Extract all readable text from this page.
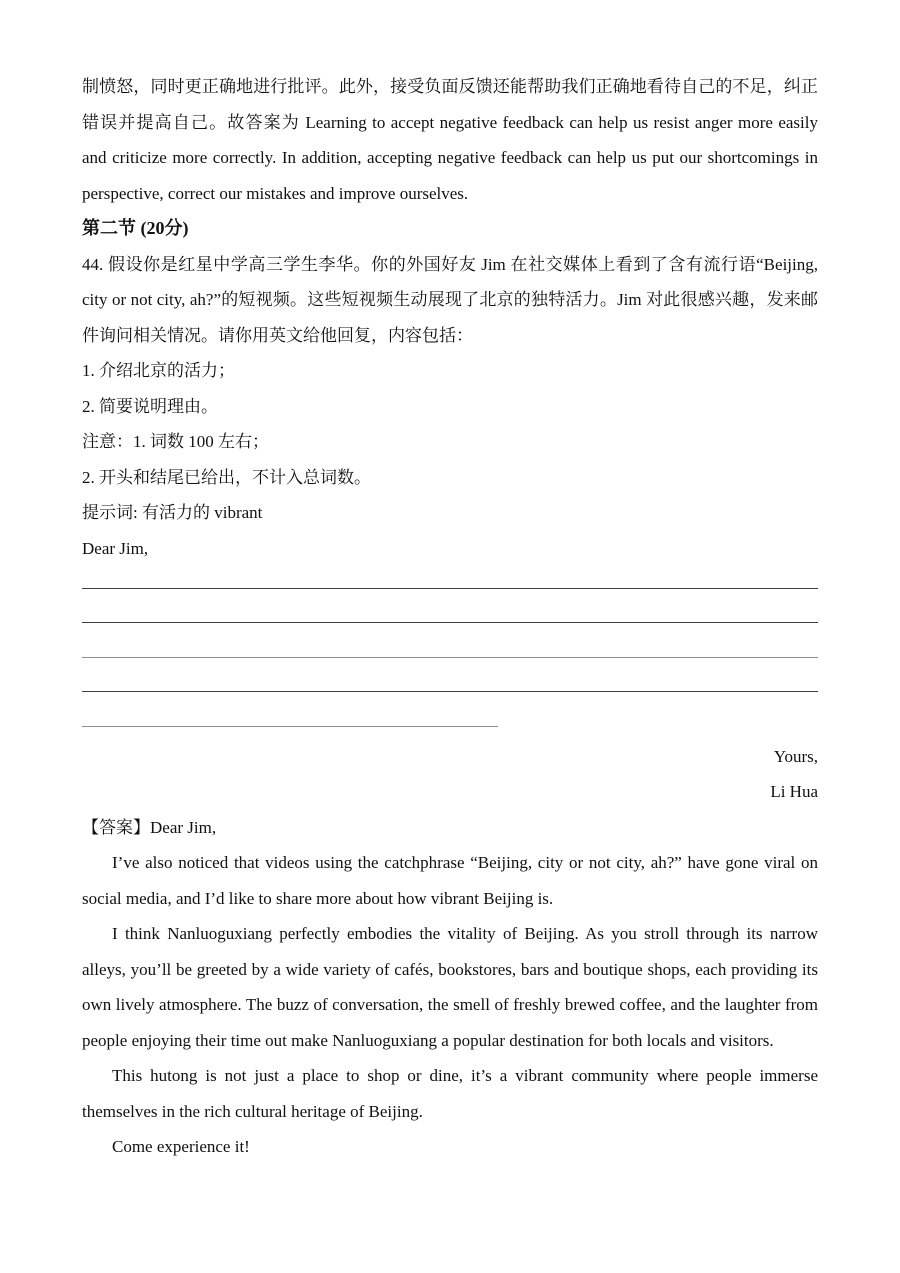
制愤怒，同时更正确地进行批评。此外，接受负面反馈还能帮助我们正确地看待自己的不足，纠正错误并提高自己。故答案为 Learning to accept negative feedback can help us resist anger more easily and criticize more correctly. In addition, accepting negative feedback can help us put our shortcomings in perspective, correct our mistakes and improve ourselves.

第二节 (20分)

44. 假设你是红星中学高三学生李华。你的外国好友 Jim 在社交媒体上看到了含有流行语“Beijing, city or not city, ah?”的短视频。这些短视频生动展现了北京的独特活力。Jim 对此很感兴趣，发来邮件询问相关情况。请你用英文给他回复，内容包括：

1. 介绍北京的活力；

2. 简要说明理由。

注意：1. 词数 100 左右；

2. 开头和结尾已给出，不计入总词数。

提示词: 有活力的 vibrant

Dear Jim,

Yours,

Li Hua

【答案】Dear Jim,

I’ve also noticed that videos using the catchphrase “Beijing, city or not city, ah?” have gone viral on social media, and I’d like to share more about how vibrant Beijing is.

I think Nanluoguxiang perfectly embodies the vitality of Beijing. As you stroll through its narrow alleys, you’ll be greeted by a wide variety of cafés, bookstores, bars and boutique shops, each providing its own lively atmosphere. The buzz of conversation, the smell of freshly brewed coffee, and the laughter from people enjoying their time out make Nanluoguxiang a popular destination for both locals and visitors.

This hutong is not just a place to shop or dine, it’s a vibrant community where people immerse themselves in the rich cultural heritage of Beijing.

Come experience it!
